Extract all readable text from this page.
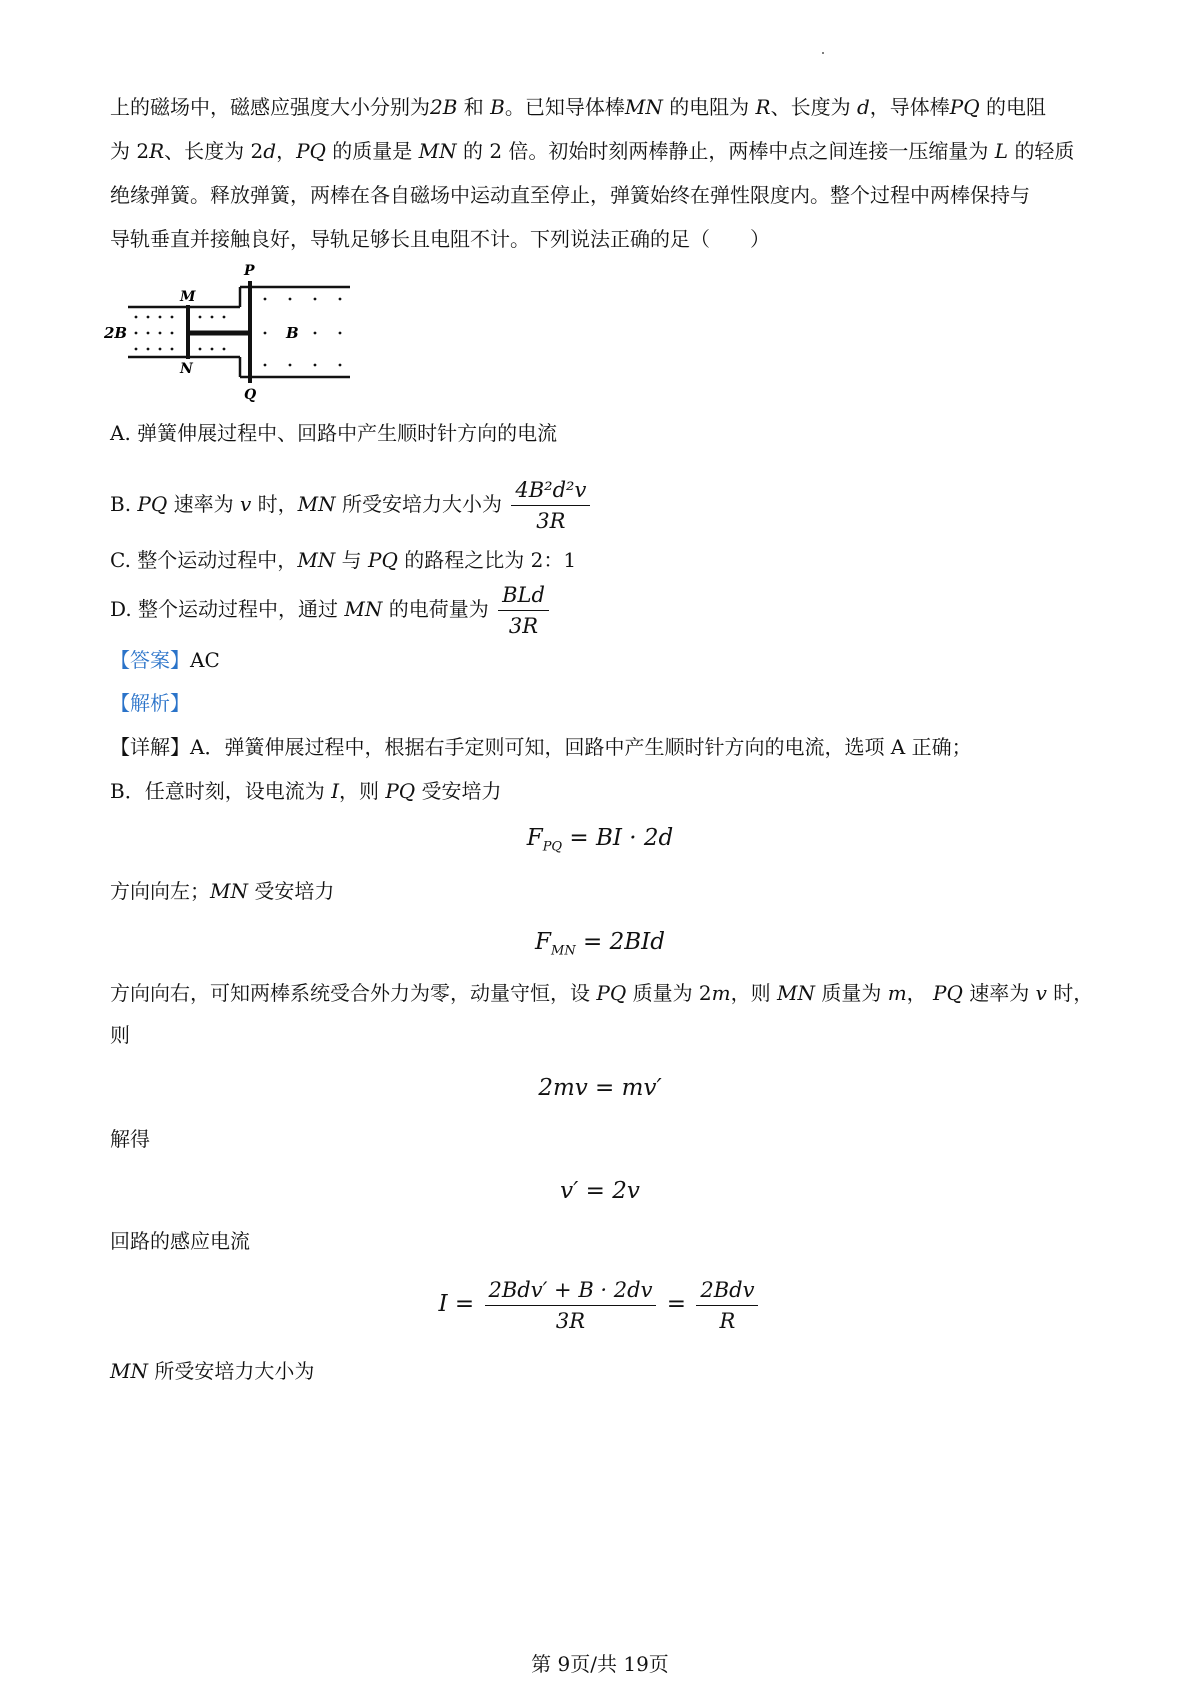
上的磁场中，磁感应强度大小分别为2B 和 B。已知导体棒MN 的电阻为 R、长度为 d，导体棒PQ 的电阻
为 2R、长度为 2d，PQ 的质量是 MN 的 2 倍。初始时刻两棒静止，两棒中点之间连接一压缩量为 L 的轻质
绝缘弹簧。释放弹簧，两棒在各自磁场中运动直至停止，弹簧始终在弹性限度内。整个过程中两棒保持与
导轨垂直并接触良好，导轨足够长且电阻不计。下列说法正确的足（　　）
2B	B
M
N
P
Q
A. 弹簧伸展过程中、回路中产生顺时针方向的电流
B. PQ 速率为 v 时，MN 所受安培力大小为 $\frac{\text{4B²d²v}}{3R}$
C. 整个运动过程中，MN 与 PQ 的路程之比为 2：1
D. 整个运动过程中，通过 MN 的电荷量为 $\frac{\text{BLd}}{3R}$
【答案】AC
【解析】
【详解】A．弹簧伸展过程中，根据右手定则可知，回路中产生顺时针方向的电流，选项 A 正确；
B．任意时刻，设电流为 I，则 PQ 受安培力
$F_{PQ}$ = BI · 2d
方向向左；MN 受安培力
$F_{MN} = 2BId$
方向向右，可知两棒系统受合外力为零，动量守恒，设 PQ 质量为 2m，则 MN 质量为 m， PQ 速率为 v 时，
则
2mv = mv′
解得
v′ = 2v
回路的感应电流
$I = \frac{\text{2Bdv′ + B · 2dv}}{3R} = \frac{\text{2Bdv}}{R}$
MN 所受安培力大小为
第 9页/共 19页
